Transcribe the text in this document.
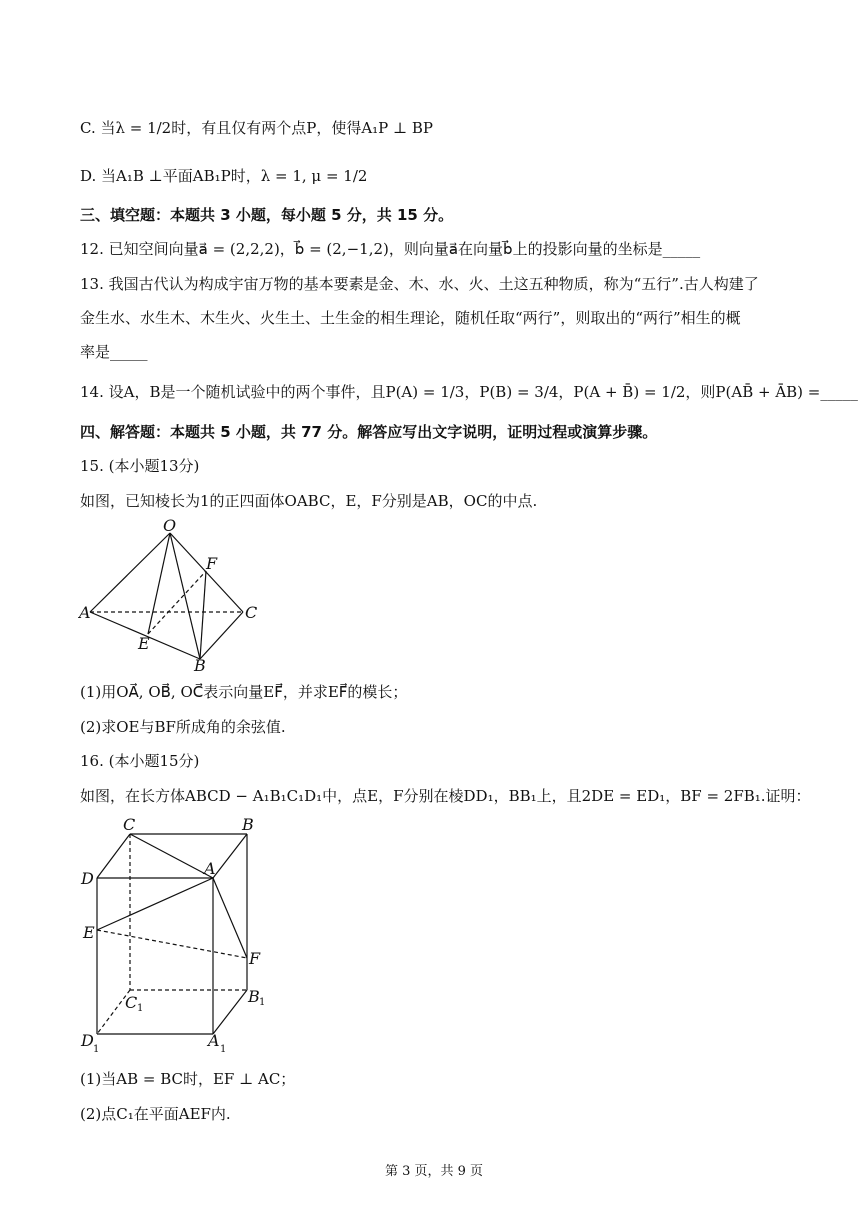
C. 当λ = 1/2时，有且仅有两个点P，使得A₁P ⊥ BP
D. 当A₁B ⊥平面AB₁P时，λ = 1, μ = 1/2
三、填空题：本题共 3 小题，每小题 5 分，共 15 分。
12. 已知空间向量a⃗ = (2,2,2)，b⃗ = (2,−1,2)，则向量a⃗在向量b⃗上的投影向量的坐标是_____
13. 我国古代认为构成宇宙万物的基本要素是金、木、水、火、土这五种物质，称为“五行”.古人构建了
金生水、水生木、木生火、火生土、土生金的相生理论，随机任取“两行”，则取出的“两行”相生的概
率是_____
14. 设A，B是一个随机试验中的两个事件，且P(A) = 1/3，P(B) = 3/4，P(A + B̄) = 1/2，则P(AB̄ + ĀB) =_____
四、解答题：本题共 5 小题，共 77 分。解答应写出文字说明，证明过程或演算步骤。
15. (本小题13分)
如图，已知棱长为1的正四面体OABC，E，F分别是AB，OC的中点.
O
A	C
E
B
F
(1)用OA⃗, OB⃗, OC⃗表示向量EF⃗，并求EF⃗的模长；
(2)求OE与BF所成角的余弦值.
16. (本小题15分)
如图，在长方体ABCD − A₁B₁C₁D₁中，点E，F分别在棱DD₁，BB₁上，且2DE = ED₁，BF = 2FB₁.证明：
C	B
D
A
E
F
C 1
B 1
D 1	A 1
(1)当AB = BC时，EF ⊥ AC；
(2)点C₁在平面AEF内.
第 3 页，共 9 页
